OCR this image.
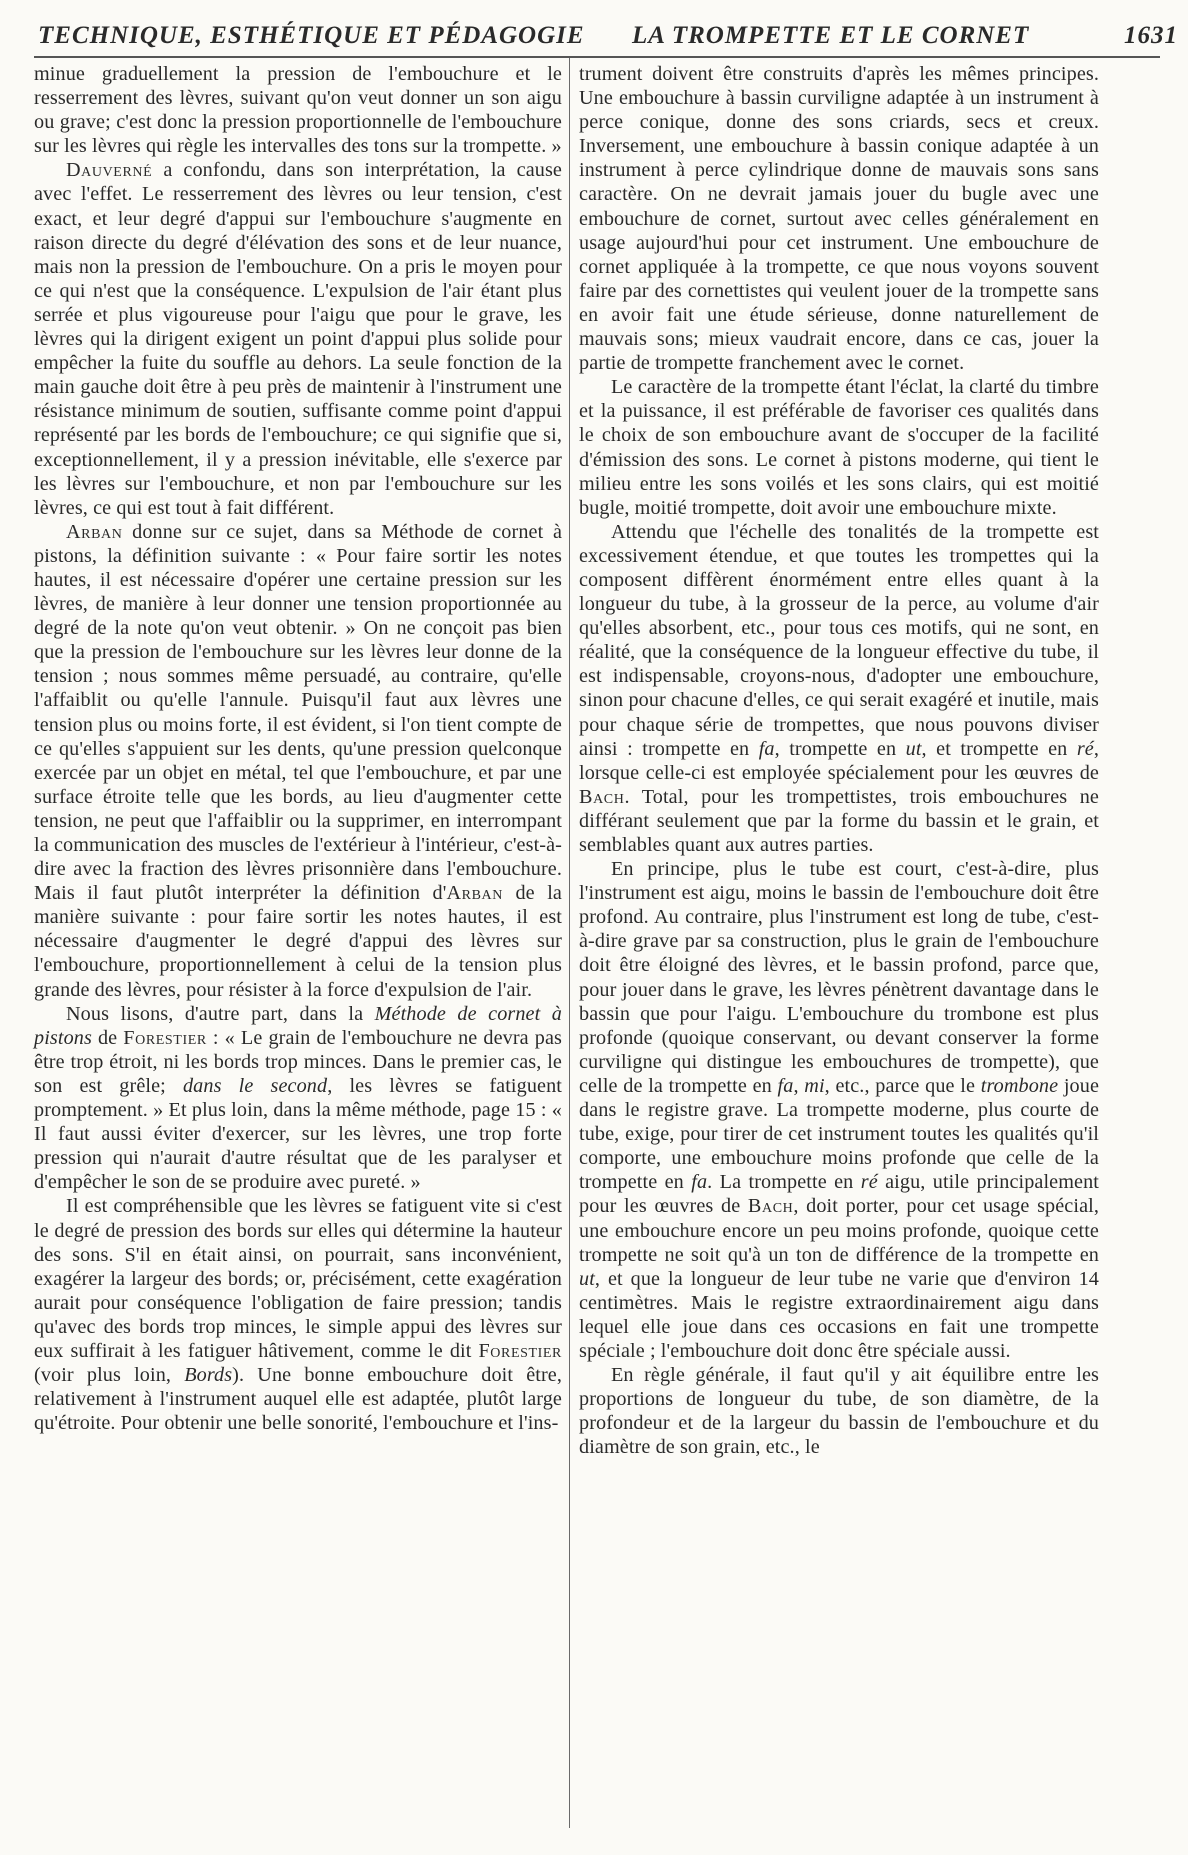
TECHNIQUE, ESTHÉTIQUE ET PÉDAGOGIE LA TROMPETTE ET LE CORNET	1631

minue graduellement la pression de l'embouchure et le resserrement des lèvres, suivant qu'on veut donner un son aigu ou grave; c'est donc la pression proportionnelle de l'embouchure sur les lèvres qui règle les intervalles des tons sur la trompette. »

Dauverné a confondu, dans son interprétation, la cause avec l'effet. Le resserrement des lèvres ou leur tension, c'est exact, et leur degré d'appui sur l'embouchure s'augmente en raison directe du degré d'élévation des sons et de leur nuance, mais non la pression de l'embouchure. On a pris le moyen pour ce qui n'est que la conséquence. L'expulsion de l'air étant plus serrée et plus vigoureuse pour l'aigu que pour le grave, les lèvres qui la dirigent exigent un point d'appui plus solide pour empêcher la fuite du souffle au dehors. La seule fonction de la main gauche doit être à peu près de maintenir à l'instrument une résistance minimum de soutien, suffisante comme point d'appui représenté par les bords de l'embouchure; ce qui signifie que si, exceptionnellement, il y a pression inévitable, elle s'exerce par les lèvres sur l'embouchure, et non par l'embouchure sur les lèvres, ce qui est tout à fait différent.

Arban donne sur ce sujet, dans sa Méthode de cornet à pistons, la définition suivante : « Pour faire sortir les notes hautes, il est nécessaire d'opérer une certaine pression sur les lèvres, de manière à leur donner une tension proportionnée au degré de la note qu'on veut obtenir. » On ne conçoit pas bien que la pression de l'embouchure sur les lèvres leur donne de la tension ; nous sommes même persuadé, au contraire, qu'elle l'affaiblit ou qu'elle l'annule. Puisqu'il faut aux lèvres une tension plus ou moins forte, il est évident, si l'on tient compte de ce qu'elles s'appuient sur les dents, qu'une pression quelconque exercée par un objet en métal, tel que l'embouchure, et par une surface étroite telle que les bords, au lieu d'augmenter cette tension, ne peut que l'affaiblir ou la supprimer, en interrompant la communication des muscles de l'extérieur à l'intérieur, c'est-à-dire avec la fraction des lèvres prisonnière dans l'embouchure. Mais il faut plutôt interpréter la définition d'Arban de la manière suivante : pour faire sortir les notes hautes, il est nécessaire d'augmenter le degré d'appui des lèvres sur l'embouchure, proportionnellement à celui de la tension plus grande des lèvres, pour résister à la force d'expulsion de l'air.

Nous lisons, d'autre part, dans la Méthode de cornet à pistons de Forestier : « Le grain de l'embouchure ne devra pas être trop étroit, ni les bords trop minces. Dans le premier cas, le son est grêle; dans le second, les lèvres se fatiguent promptement. » Et plus loin, dans la même méthode, page 15 : « Il faut aussi éviter d'exercer, sur les lèvres, une trop forte pression qui n'aurait d'autre résultat que de les paralyser et d'empêcher le son de se produire avec pureté. »

Il est compréhensible que les lèvres se fatiguent vite si c'est le degré de pression des bords sur elles qui détermine la hauteur des sons. S'il en était ainsi, on pourrait, sans inconvénient, exagérer la largeur des bords; or, précisément, cette exagération aurait pour conséquence l'obligation de faire pression; tandis qu'avec des bords trop minces, le simple appui des lèvres sur eux suffirait à les fatiguer hâtivement, comme le dit Forestier (voir plus loin, Bords). Une bonne embouchure doit être, relativement à l'instrument auquel elle est adaptée, plutôt large qu'étroite. Pour obtenir une belle sonorité, l'embouchure et l'ins-

trument doivent être construits d'après les mêmes principes. Une embouchure à bassin curviligne adaptée à un instrument à perce conique, donne des sons criards, secs et creux. Inversement, une embouchure à bassin conique adaptée à un instrument à perce cylindrique donne de mauvais sons sans caractère. On ne devrait jamais jouer du bugle avec une embouchure de cornet, surtout avec celles généralement en usage aujourd'hui pour cet instrument. Une embouchure de cornet appliquée à la trompette, ce que nous voyons souvent faire par des cornettistes qui veulent jouer de la trompette sans en avoir fait une étude sérieuse, donne naturellement de mauvais sons; mieux vaudrait encore, dans ce cas, jouer la partie de trompette franchement avec le cornet.

Le caractère de la trompette étant l'éclat, la clarté du timbre et la puissance, il est préférable de favoriser ces qualités dans le choix de son embouchure avant de s'occuper de la facilité d'émission des sons. Le cornet à pistons moderne, qui tient le milieu entre les sons voilés et les sons clairs, qui est moitié bugle, moitié trompette, doit avoir une embouchure mixte.

Attendu que l'échelle des tonalités de la trompette est excessivement étendue, et que toutes les trompettes qui la composent diffèrent énormément entre elles quant à la longueur du tube, à la grosseur de la perce, au volume d'air qu'elles absorbent, etc., pour tous ces motifs, qui ne sont, en réalité, que la conséquence de la longueur effective du tube, il est indispensable, croyons-nous, d'adopter une embouchure, sinon pour chacune d'elles, ce qui serait exagéré et inutile, mais pour chaque série de trompettes, que nous pouvons diviser ainsi : trompette en fa, trompette en ut, et trompette en ré, lorsque celle-ci est employée spécialement pour les œuvres de Bach. Total, pour les trompettistes, trois embouchures ne différant seulement que par la forme du bassin et le grain, et semblables quant aux autres parties.

En principe, plus le tube est court, c'est-à-dire, plus l'instrument est aigu, moins le bassin de l'embouchure doit être profond. Au contraire, plus l'instrument est long de tube, c'est-à-dire grave par sa construction, plus le grain de l'embouchure doit être éloigné des lèvres, et le bassin profond, parce que, pour jouer dans le grave, les lèvres pénètrent davantage dans le bassin que pour l'aigu. L'embouchure du trombone est plus profonde (quoique conservant, ou devant conserver la forme curviligne qui distingue les embouchures de trompette), que celle de la trompette en fa, mi, etc., parce que le trombone joue dans le registre grave. La trompette moderne, plus courte de tube, exige, pour tirer de cet instrument toutes les qualités qu'il comporte, une embouchure moins profonde que celle de la trompette en fa. La trompette en ré aigu, utile principalement pour les œuvres de Bach, doit porter, pour cet usage spécial, une embouchure encore un peu moins profonde, quoique cette trompette ne soit qu'à un ton de différence de la trompette en ut, et que la longueur de leur tube ne varie que d'environ 14 centimètres. Mais le registre extraordinairement aigu dans lequel elle joue dans ces occasions en fait une trompette spéciale ; l'embouchure doit donc être spéciale aussi.

En règle générale, il faut qu'il y ait équilibre entre les proportions de longueur du tube, de son diamètre, de la profondeur et de la largeur du bassin de l'embouchure et du diamètre de son grain, etc., le
